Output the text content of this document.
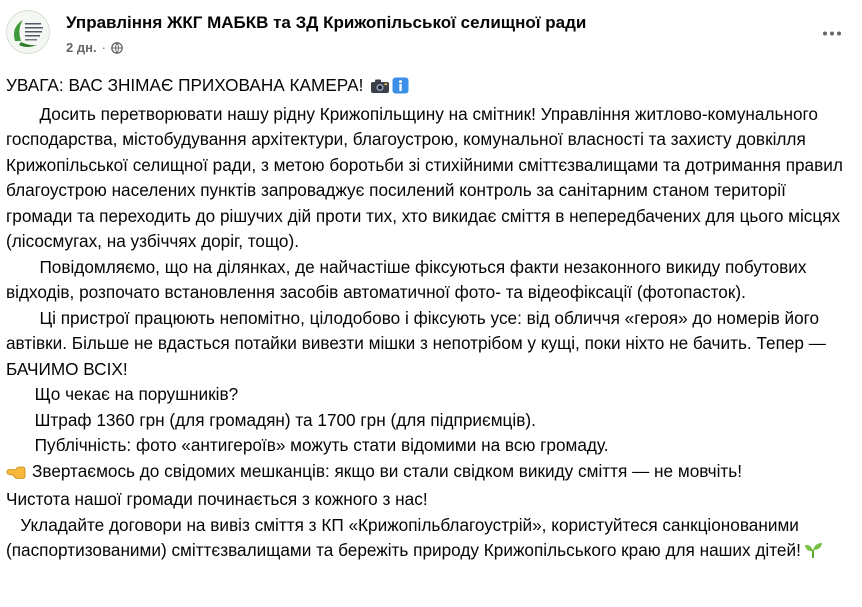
Управління ЖКГ МАБКВ та ЗД Крижопільської селищної ради
2 дн. ·

УВАГА: ВАС ЗНІМАЄ ПРИХОВАНА КАМЕРА!

Досить перетворювати нашу рідну Крижопільщину на смітник! Управління житлово-комунального господарства, містобудування архітектури, благоустрою, комунальної власності та захисту довкілля Крижопільської селищної ради, з метою боротьби зі стихійними сміттєзвалищами та дотримання правил благоустрою населених пунктів запроваджує посилений контроль за санітарним станом території громади та переходить до рішучих дій проти тих, хто викидає сміття в непередбачених для цього місцях (лісосмугах, на узбіччях доріг, тощо).

Повідомляємо, що на ділянках, де найчастіше фіксуються факти незаконного викиду побутових відходів, розпочато встановлення засобів автоматичної фото- та відеофіксації (фотопасток).

Ці пристрої працюють непомітно, цілодобово і фіксують усе: від обличчя «героя» до номерів його автівки. Більше не вдасться потайки вивезти мішки з непотрібом у кущі, поки ніхто не бачить. Тепер — БАЧИМО ВСІХ!

Що чекає на порушників?

Штраф 1360 грн (для громадян) та 1700 грн (для підприємців).

Публічність: фото «антигероїв» можуть стати відомими на всю громаду.

Звертаємось до свідомих мешканців: якщо ви стали свідком викиду сміття — не мовчіть!

Чистота нашої громади починається з кожного з нас!

Укладайте договори на вивіз сміття з КП «Крижопільблагоустрій», користуйтеся санкціонованими (паспортизованими) сміттєзвалищами та бережіть природу Крижопільського краю для наших дітей!
